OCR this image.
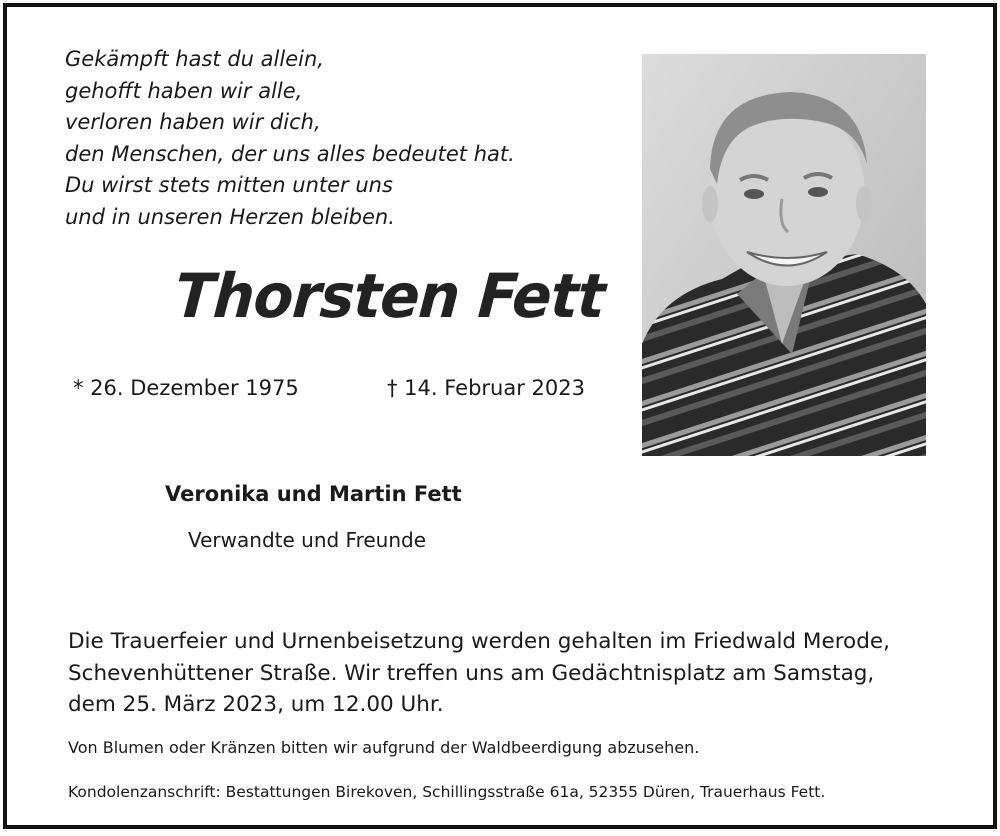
Gekämpft hast du allein,
gehofft haben wir alle,
verloren haben wir dich,
den Menschen, der uns alles bedeutet hat.
Du wirst stets mitten unter uns
und in unseren Herzen bleiben.
Thorsten Fett
* 26. Dezember 1975	† 14. Februar 2023
Veronika und Martin Fett
Verwandte und Freunde
Die Trauerfeier und Urnenbeisetzung werden gehalten im Friedwald Merode,
Schevenhüttener Straße. Wir treffen uns am Gedächtnisplatz am Samstag,
dem 25. März 2023, um 12.00 Uhr.
Von Blumen oder Kränzen bitten wir aufgrund der Waldbeerdigung abzusehen.
Kondolenzanschrift: Bestattungen Birekoven, Schillingsstraße 61a, 52355 Düren, Trauerhaus Fett.
